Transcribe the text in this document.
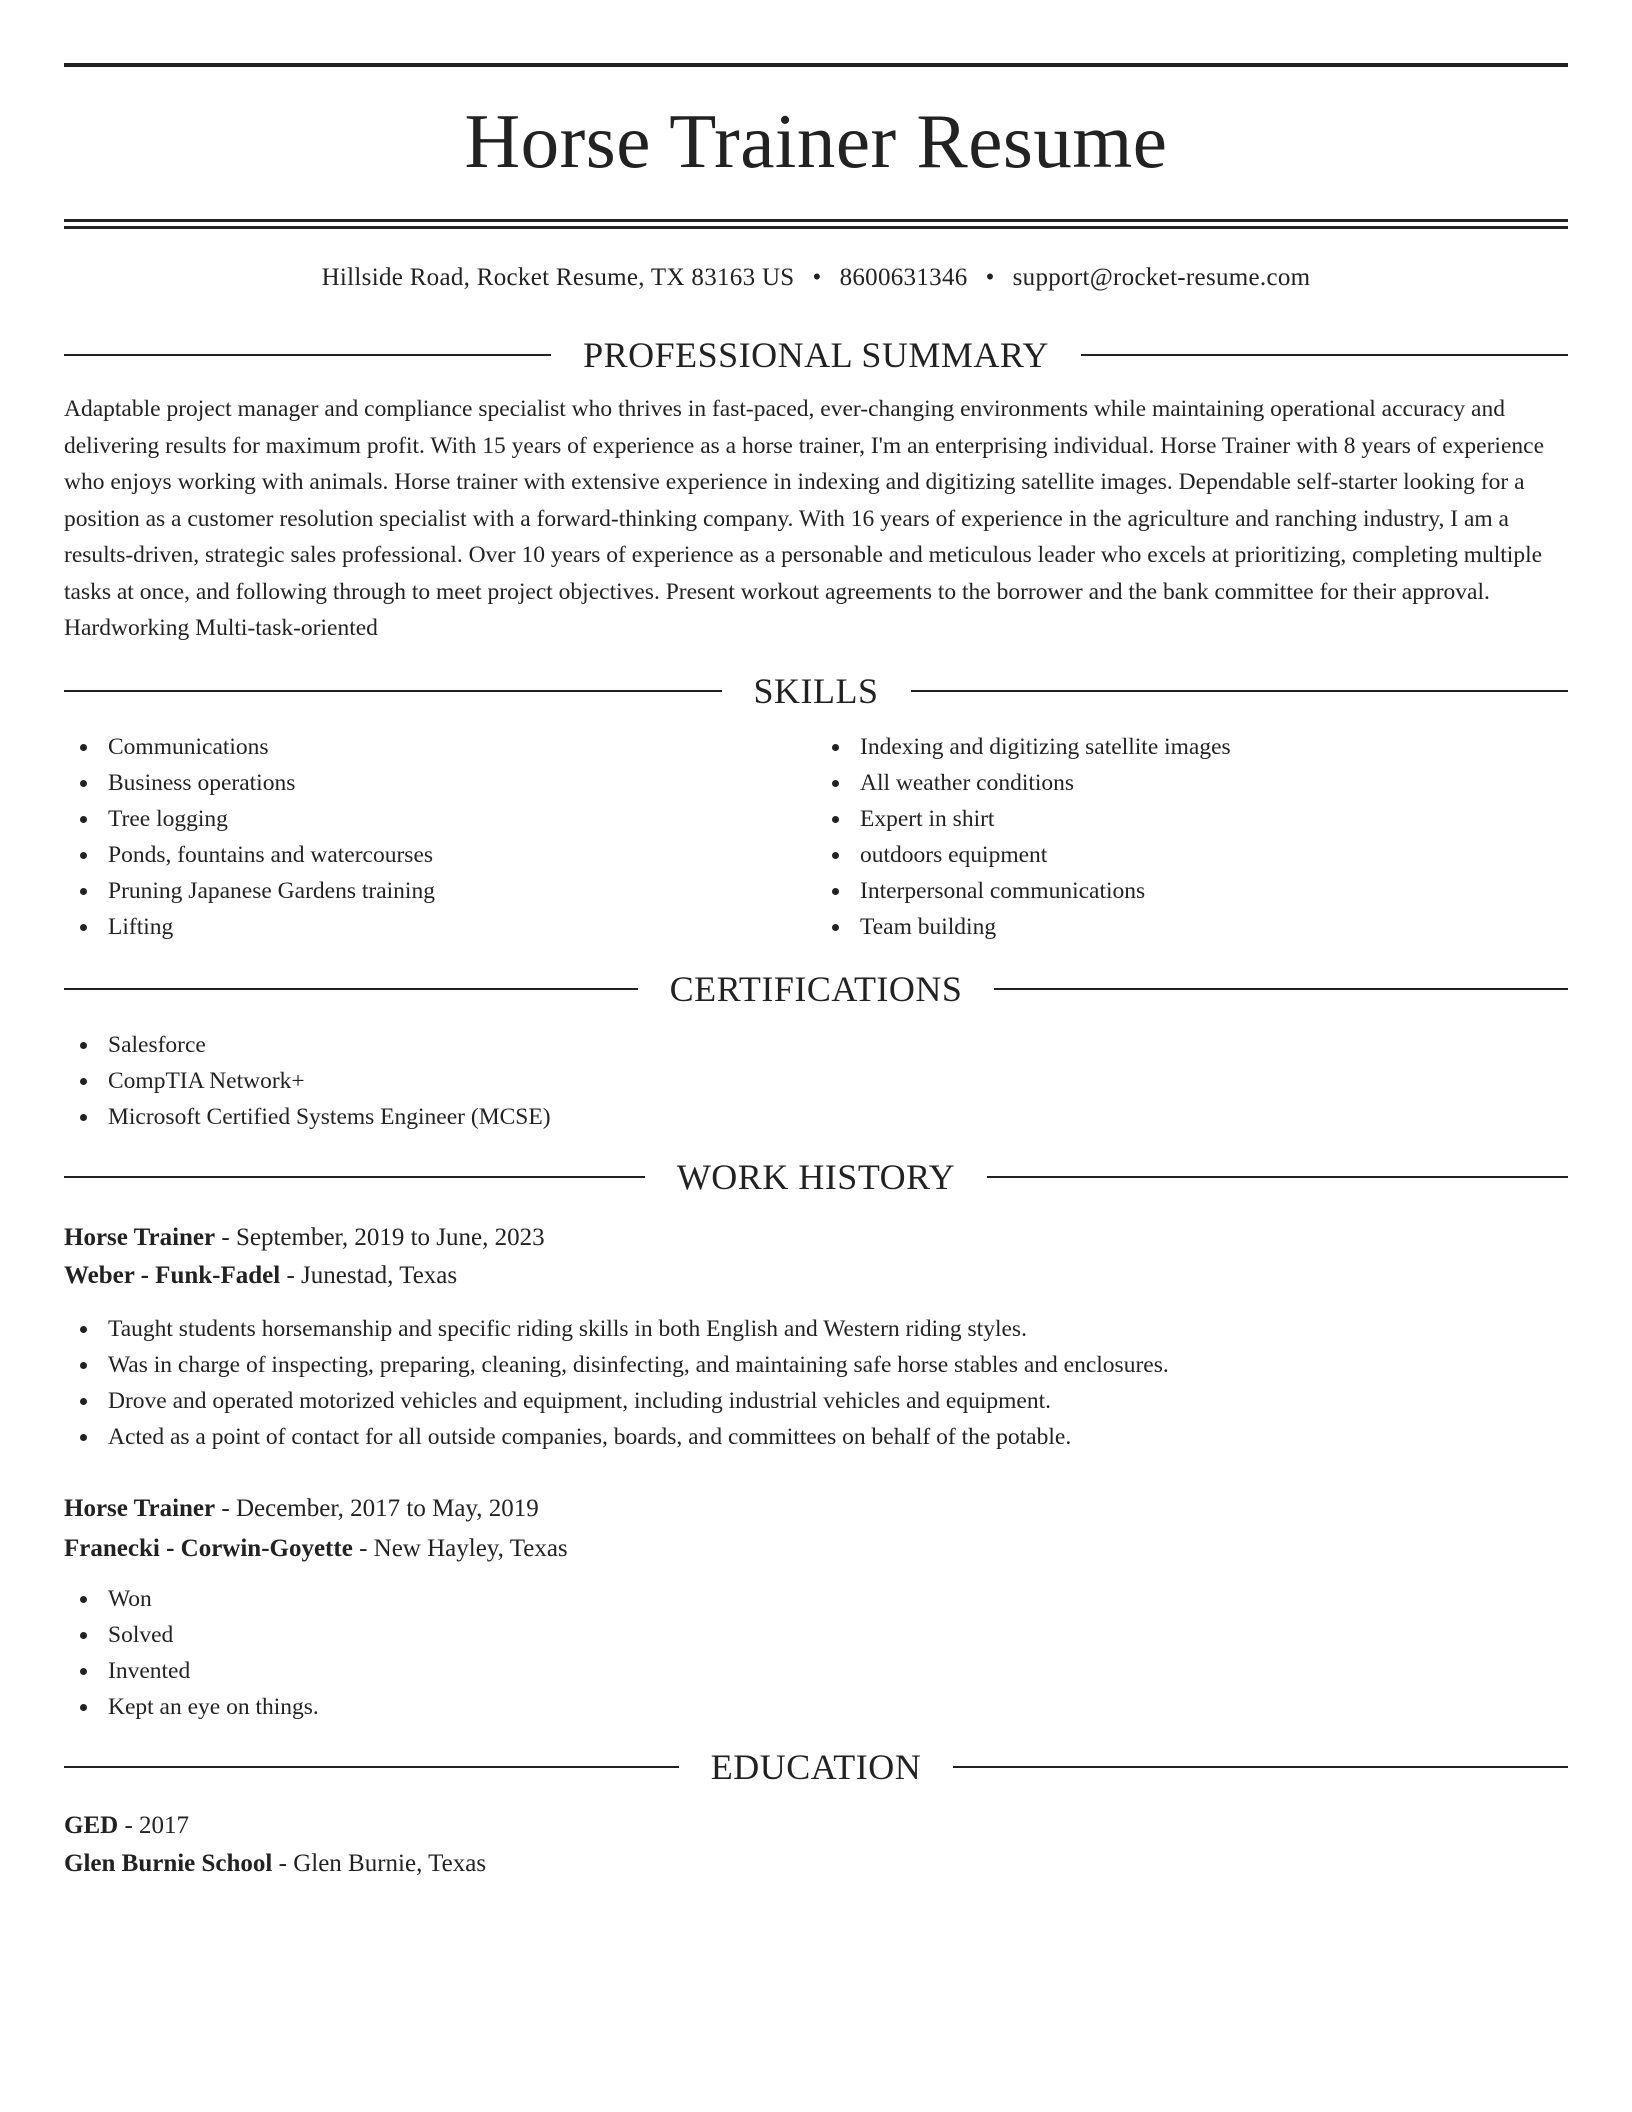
Horse Trainer Resume
Hillside Road, Rocket Resume, TX 83163 US • 8600631346 • support@rocket-resume.com
PROFESSIONAL SUMMARY

Adaptable project manager and compliance specialist who thrives in fast-paced, ever-changing environments while maintaining operational accuracy and delivering results for maximum profit. With 15 years of experience as a horse trainer, I'm an enterprising individual. Horse Trainer with 8 years of experience who enjoys working with animals. Horse trainer with extensive experience in indexing and digitizing satellite images. Dependable self-starter looking for a position as a customer resolution specialist with a forward-thinking company. With 16 years of experience in the agriculture and ranching industry, I am a results-driven, strategic sales professional. Over 10 years of experience as a personable and meticulous leader who excels at prioritizing, completing multiple tasks at once, and following through to meet project objectives. Present workout agreements to the borrower and the bank committee for their approval. Hardworking Multi-task-oriented

SKILLS
Communications
Business operations
Tree logging
Ponds, fountains and watercourses
Pruning Japanese Gardens training
Lifting
Indexing and digitizing satellite images
All weather conditions
Expert in shirt
outdoors equipment
Interpersonal communications
Team building
CERTIFICATIONS
Salesforce
CompTIA Network+
Microsoft Certified Systems Engineer (MCSE)
WORK HISTORY
Horse Trainer - September, 2019 to June, 2023
Weber - Funk-Fadel - Junestad, Texas
Taught students horsemanship and specific riding skills in both English and Western riding styles.
Was in charge of inspecting, preparing, cleaning, disinfecting, and maintaining safe horse stables and enclosures.
Drove and operated motorized vehicles and equipment, including industrial vehicles and equipment.
Acted as a point of contact for all outside companies, boards, and committees on behalf of the potable.
Horse Trainer - December, 2017 to May, 2019
Franecki - Corwin-Goyette - New Hayley, Texas
Won
Solved
Invented
Kept an eye on things.
EDUCATION
GED - 2017
Glen Burnie School - Glen Burnie, Texas
